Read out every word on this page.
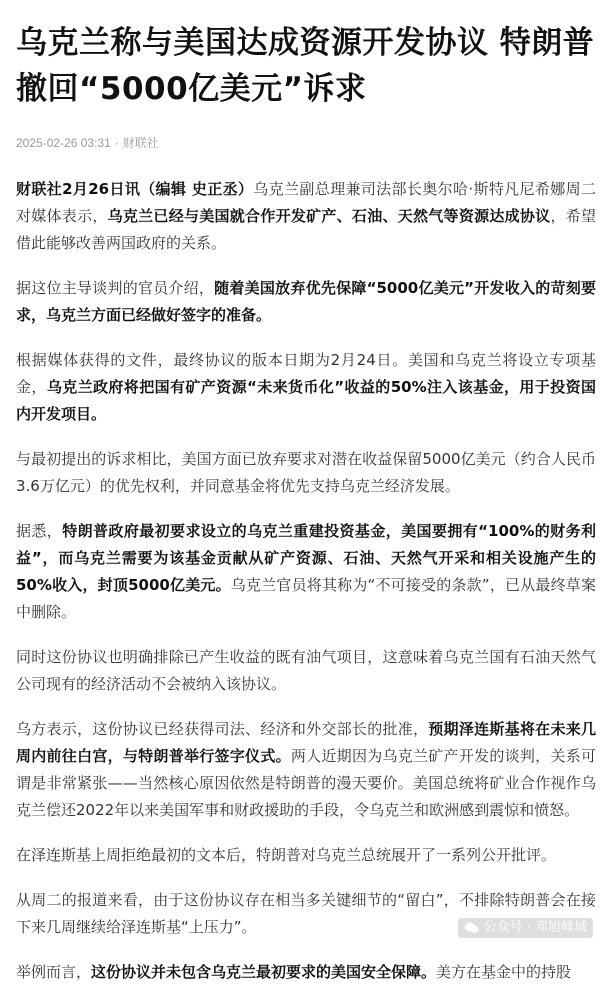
乌克兰称与美国达成资源开发协议 特朗普撤回“5000亿美元”诉求
2025-02-26 03:31 · 财联社

财联社2月26日讯（编辑 史正丞）乌克兰副总理兼司法部长奥尔哈·斯特凡尼希娜周二对媒体表示，乌克兰已经与美国就合作开发矿产、石油、天然气等资源达成协议，希望借此能够改善两国政府的关系。

据这位主导谈判的官员介绍，随着美国放弃优先保障“5000亿美元”开发收入的苛刻要求，乌克兰方面已经做好签字的准备。

根据媒体获得的文件，最终协议的版本日期为2月24日。美国和乌克兰将设立专项基金，乌克兰政府将把国有矿产资源“未来货币化”收益的50%注入该基金，用于投资国内开发项目。

与最初提出的诉求相比，美国方面已放弃要求对潜在收益保留5000亿美元（约合人民币3.6万亿元）的优先权利，并同意基金将优先支持乌克兰经济发展。

据悉，特朗普政府最初要求设立的乌克兰重建投资基金，美国要拥有“100%的财务利益”，而乌克兰需要为该基金贡献从矿产资源、石油、天然气开采和相关设施产生的50%收入，封顶5000亿美元。乌克兰官员将其称为“不可接受的条款”，已从最终草案中删除。

同时这份协议也明确排除已产生收益的既有油气项目，这意味着乌克兰国有石油天然气公司现有的经济活动不会被纳入该协议。

乌方表示，这份协议已经获得司法、经济和外交部长的批准，预期泽连斯基将在未来几周内前往白宫，与特朗普举行签字仪式。两人近期因为乌克兰矿产开发的谈判，关系可谓是非常紧张——当然核心原因依然是特朗普的漫天要价。美国总统将矿业合作视作乌克兰偿还2022年以来美国军事和财政援助的手段，令乌克兰和欧洲感到震惊和愤怒。

在泽连斯基上周拒绝最初的文本后，特朗普对乌克兰总统展开了一系列公开批评。

从周二的报道来看，由于这份协议存在相当多关键细节的“留白”，不排除特朗普会在接下来几周继续给泽连斯基“上压力”。

举例而言，这份协议并未包含乌克兰最初要求的美国安全保障。美方在基金中的持股

公众号 · 邓旭峰城
